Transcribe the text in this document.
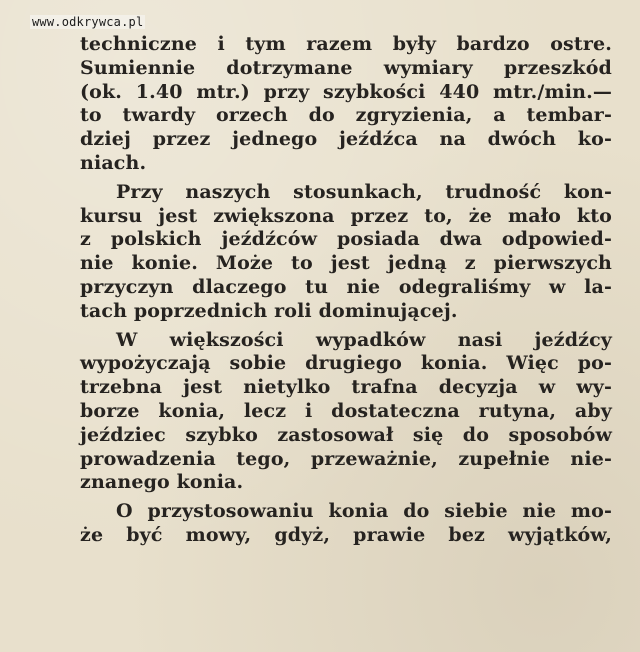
www.odkrywca.pl
techniczne i tym razem były bardzo ostre.
Sumiennie dotrzymane wymiary przeszkód
(ok. 1.40 mtr.) przy szybkości 440 mtr./min.—
to twardy orzech do zgryzienia, a tembar-
dziej przez jednego jeźdźca na dwóch ko-
niach.
Przy naszych stosunkach, trudność kon-
kursu jest zwiększona przez to, że mało kto
z polskich jeźdźców posiada dwa odpowied-
nie konie. Może to jest jedną z pierwszych
przyczyn dlaczego tu nie odegraliśmy w la-
tach poprzednich roli dominującej.
W większości wypadków nasi jeźdźcy
wypożyczają sobie drugiego konia. Więc po-
trzebna jest nietylko trafna decyzja w wy-
borze konia, lecz i dostateczna rutyna, aby
jeździec szybko zastosował się do sposobów
prowadzenia tego, przeważnie, zupełnie nie-
znanego konia.
O przystosowaniu konia do siebie nie mo-
że być mowy, gdyż, prawie bez wyjątków,
